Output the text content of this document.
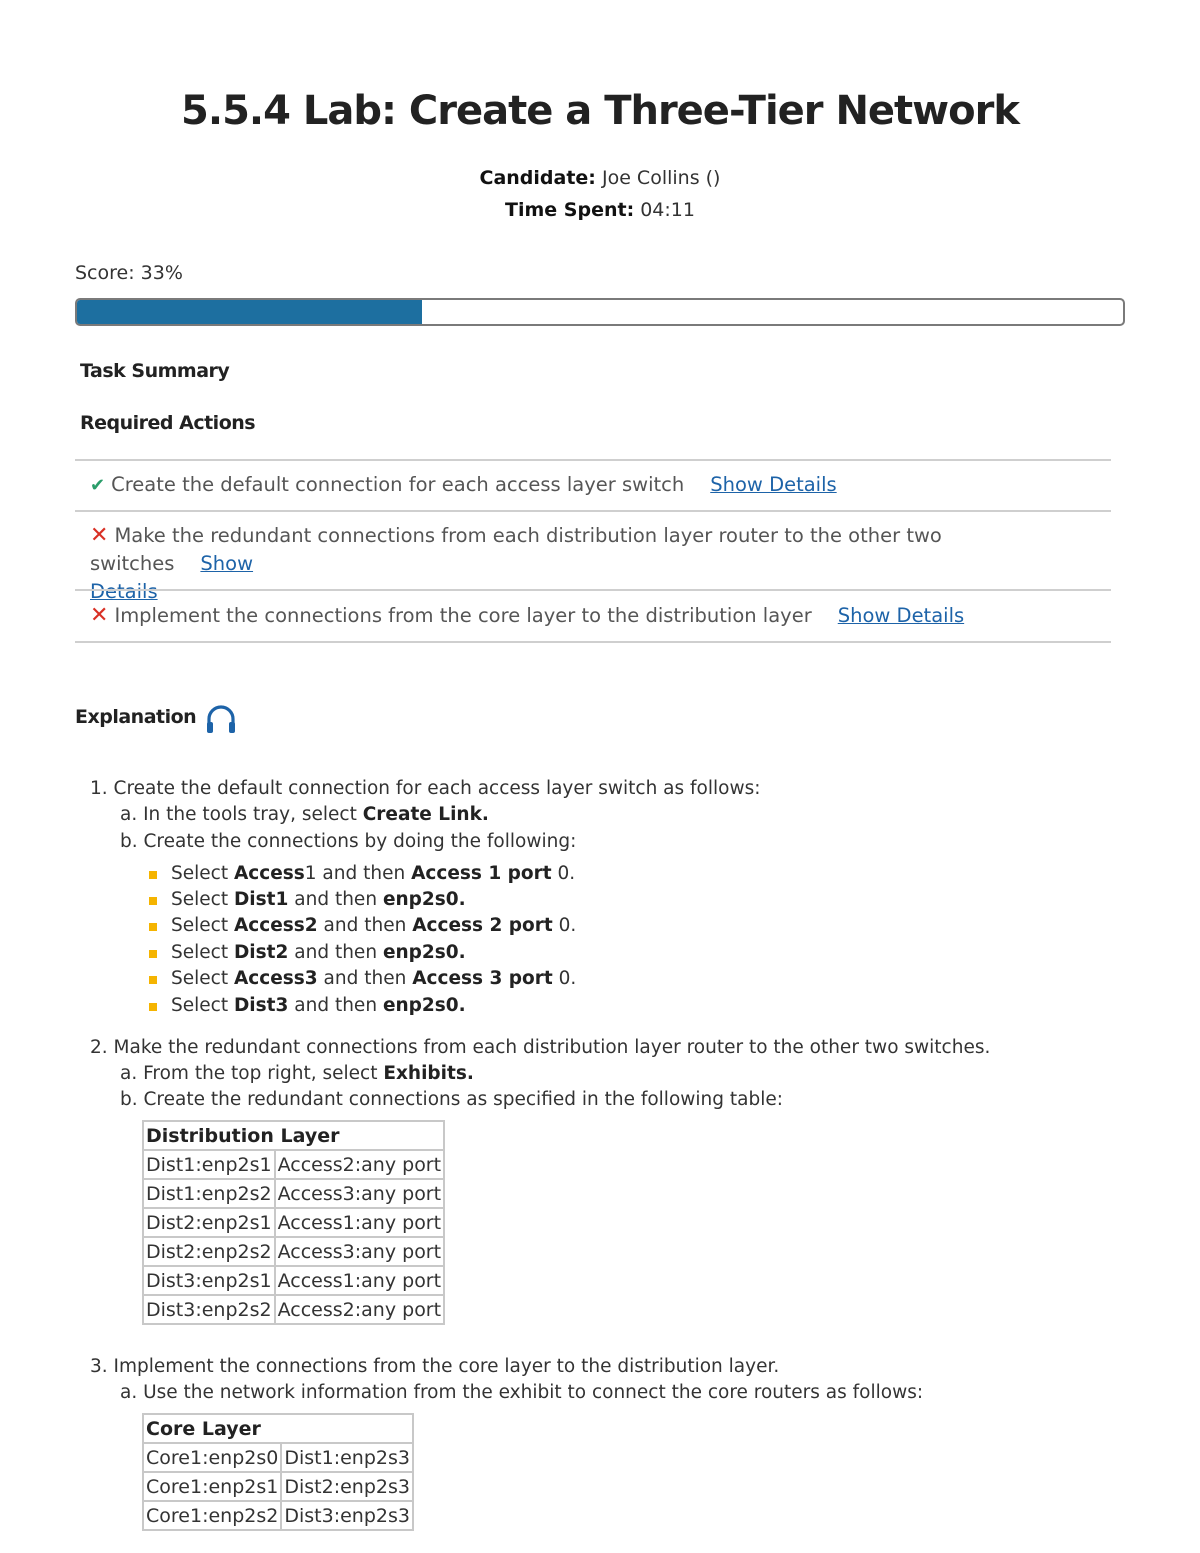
5.5.4 Lab: Create a Three-Tier Network
Candidate: Joe Collins ()
Time Spent: 04:11
Score: 33%
Task Summary
Required Actions
✔ Create the default connection for each access layer switch Show Details
✕ Make the redundant connections from each distribution layer router to the other two switches Show
Details
✕ Implement the connections from the core layer to the distribution layer Show Details
Explanation
1. Create the default connection for each access layer switch as follows:
a. In the tools tray, select Create Link.
b. Create the connections by doing the following:
Select Access1 and then Access 1 port 0.
Select Dist1 and then enp2s0.
Select Access2 and then Access 2 port 0.
Select Dist2 and then enp2s0.
Select Access3 and then Access 3 port 0.
Select Dist3 and then enp2s0.
2. Make the redundant connections from each distribution layer router to the other two switches.
a. From the top right, select Exhibits.
b. Create the redundant connections as specified in the following table:
Distribution Layer	
Dist1:enp2s1	Access2:any port
Dist1:enp2s2	Access3:any port
Dist2:enp2s1	Access1:any port
Dist2:enp2s2	Access3:any port
Dist3:enp2s1	Access1:any port
Dist3:enp2s2	Access2:any port
3. Implement the connections from the core layer to the distribution layer.
a. Use the network information from the exhibit to connect the core routers as follows:
Core Layer	
Core1:enp2s0	Dist1:enp2s3
Core1:enp2s1	Dist2:enp2s3
Core1:enp2s2	Dist3:enp2s3
